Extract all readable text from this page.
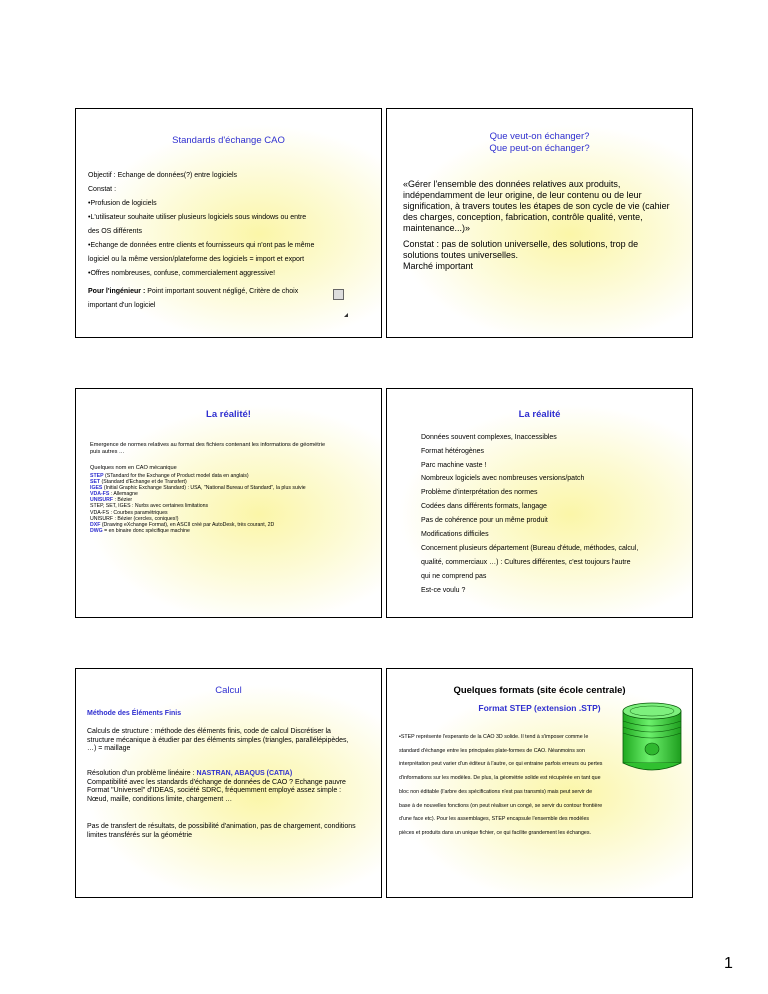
Standards d'échange CAO
Objectif : Echange de données(?) entre logiciels
Constat :
•Profusion de logiciels
•L'utilisateur souhaite utiliser plusieurs logiciels sous windows ou entre
des OS différents
•Echange de données entre clients et fournisseurs qui n'ont pas le même
logiciel ou la même version/plateforme des logiciels = import et export
•Offres nombreuses, confuse, commercialement aggressive!
Pour l'ingénieur : Point important souvent négligé, Critère de choix
important d'un logiciel
Que veut-on échanger?
Que peut-on échanger?
«Gérer l'ensemble des données relatives aux produits, indépendamment de leur origine, de leur contenu ou de leur signification, à travers toutes les étapes de son cycle de vie (cahier des charges, conception, fabrication, contrôle qualité, vente, maintenance...)»
Constat : pas de solution universelle, des solutions, trop de solutions toutes universelles.
Marché important
La réalité!
Emergence de normes relatives au format des fichiers contenant les informations de géométrie puis autres …
Quelques nom en CAO mécanique
STEP (STandard for the Exchange of Product model data en anglais)
SET (Standard d'Echange et de Transfert)
IGES (Initial Graphic Exchange Standard) : USA, "National Bureau of Standard", la plus suivie
VDA-FS : Allemagne
UNISURF : Bézier
STEP, SET, IGES : Nurbs avec certaines limitations
VDA-FS : Courbes paramétriques
UNISURF : Bézier (cercles, coniques!)
DXF (Drawing eXchange Format), en ASCII créé par AutoDesk, très courant, 2D
DWG = en binaire donc spécifique machine
La réalité
Données souvent complexes, Inaccessibles
Format hétérogènes
Parc machine vaste !
Nombreux logiciels avec nombreuses versions/patch
Problème d'interprétation des normes
Codées dans différents formats, langage
Pas de cohérence pour un même produit
Modifications difficiles
Concernent plusieurs département (Bureau d'étude, méthodes, calcul,
qualité, commerciaux …) : Cultures différentes, c'est toujours l'autre
qui ne comprend pas
Est-ce voulu ?
Calcul
Méthode des Éléments Finis
Calculs de structure : méthode des éléments finis, code de calcul Discrétiser la structure mécanique à étudier par des éléments simples (triangles, parallélépipèdes, …) = maillage
Résolution d'un problème linéaire : NASTRAN, ABAQUS (CATIA)
Compatibilité avec les standards d'échange de données de CAO ? Echange pauvre Format "Universel" d'IDEAS, société SDRC, fréquemment employé assez simple : Nœud, maille, conditions limite, chargement …
Pas de transfert de résultats, de possibilité d'animation, pas de chargement, conditions limites transférés sur la géométrie
Quelques formats (site école centrale)
Format STEP (extension .STP)
•STEP représente l'esperanto de la CAO 3D solide. Il tend à s'imposer comme le standard d'échange entre les principales plate-formes de CAO. Néanmoins son interprétation peut varier d'un éditeur à l'autre, ce qui entraine parfois erreurs ou pertes d'informations sur les modèles. De plus, la géométrie solide est récupérée en tant que bloc non éditable (l'arbre des spécifications n'est pas transmis) mais peut servir de base à de nouvelles fonctions (on peut réaliser un congé, se servir du contour frontière d'une face etc). Pour les assemblages, STEP encapsule l'ensemble des modèles pièces et produits dans un unique fichier, ce qui facilite grandement les échanges.
1
